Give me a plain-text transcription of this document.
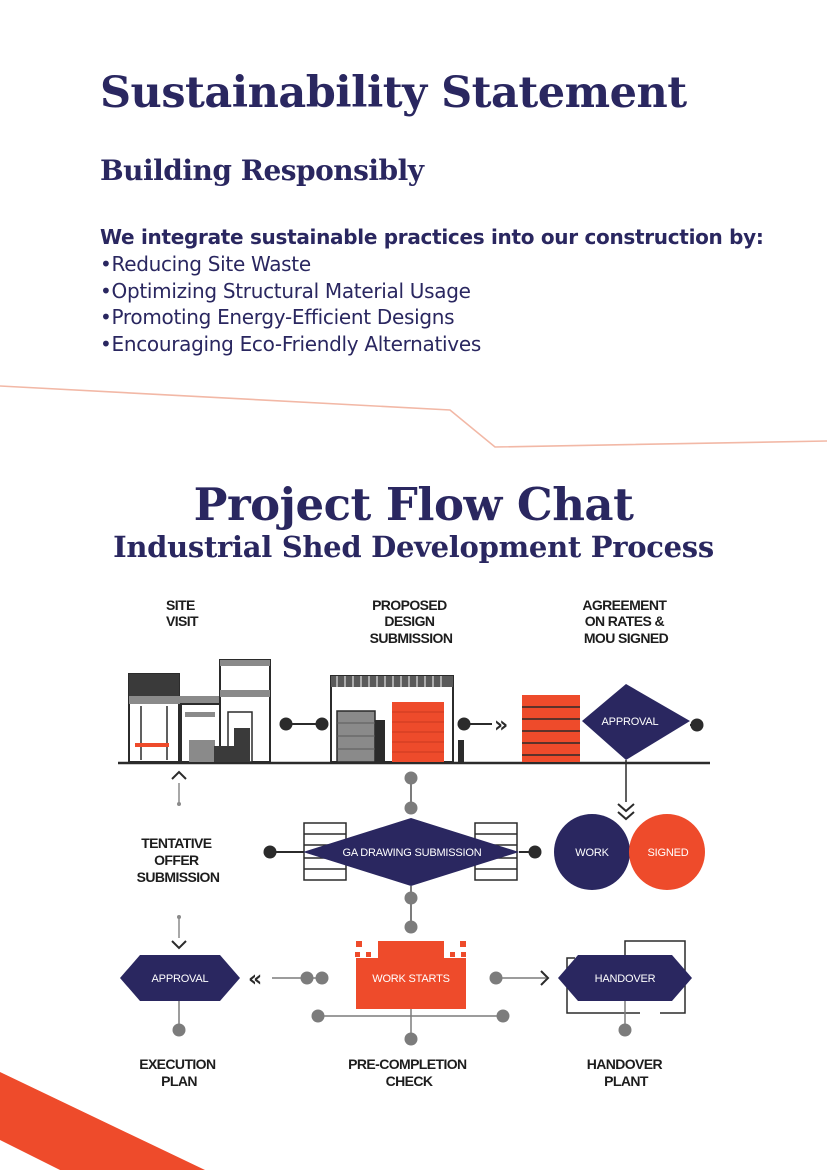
Sustainability Statement
Building Responsibly
We integrate sustainable practices into our construction by:
• Reducing Site Waste
• Optimizing Structural Material Usage
• Promoting Energy-Efficient Designs
• Encouraging Eco-Friendly Alternatives
Project Flow Chat
Industrial Shed Development Process
»	APPROVAL
SITE VISIT
PROPOSED DESIGN SUBMISSION
AGREEMENT ON RATES & MOU SIGNED
TENTATIVE OFFER SUBMISSION
GA DRAWING SUBMISSION	WORK	SIGNED
APPROVAL «	WORK STARTS	HANDOVER
EXECUTION PLAN
PRE-COMPLETION CHECK
HANDOVER PLANT
